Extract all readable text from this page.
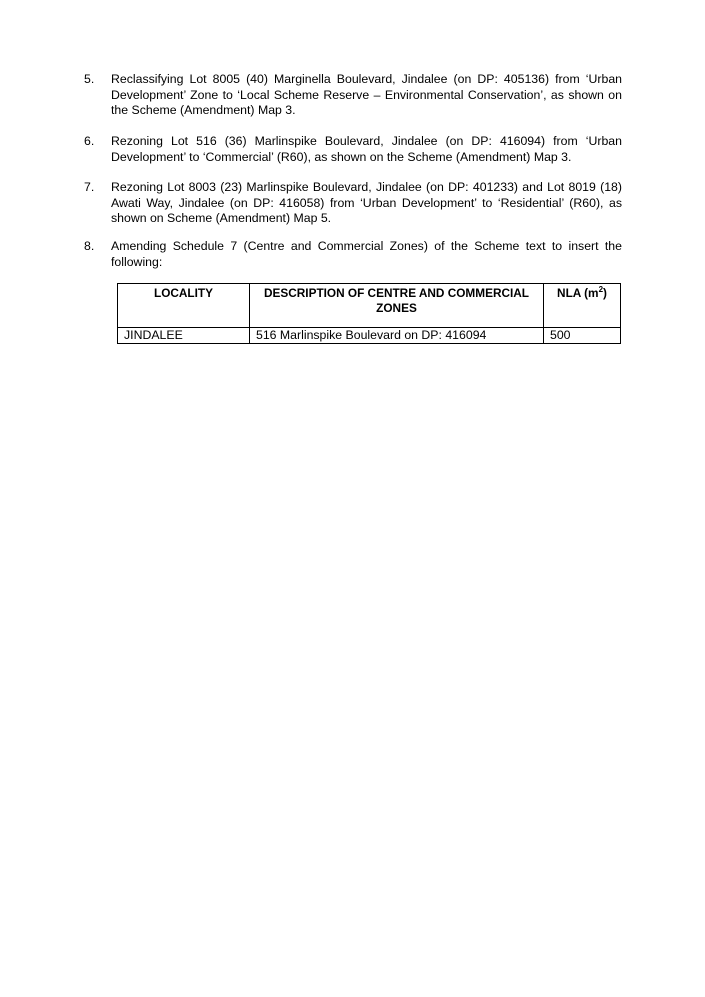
5.	Reclassifying Lot 8005 (40) Marginella Boulevard, Jindalee (on DP: 405136) from ‘Urban Development’ Zone to ‘Local Scheme Reserve – Environmental Conservation’, as shown on the Scheme (Amendment) Map 3.
6.	Rezoning Lot 516 (36) Marlinspike Boulevard, Jindalee (on DP: 416094) from ‘Urban Development’ to ‘Commercial’ (R60), as shown on the Scheme (Amendment) Map 3.
7.	Rezoning Lot 8003 (23) Marlinspike Boulevard, Jindalee (on DP: 401233) and Lot 8019 (18) Awati Way, Jindalee (on DP: 416058) from ‘Urban Development’ to ‘Residential’ (R60), as shown on Scheme (Amendment) Map 5.
8.	Amending Schedule 7 (Centre and Commercial Zones) of the Scheme text to insert the following:
LOCALITY	DESCRIPTION OF CENTRE AND COMMERCIAL ZONES	NLA $(m^2)$
JINDALEE	516 Marlinspike Boulevard on DP: 416094	500
